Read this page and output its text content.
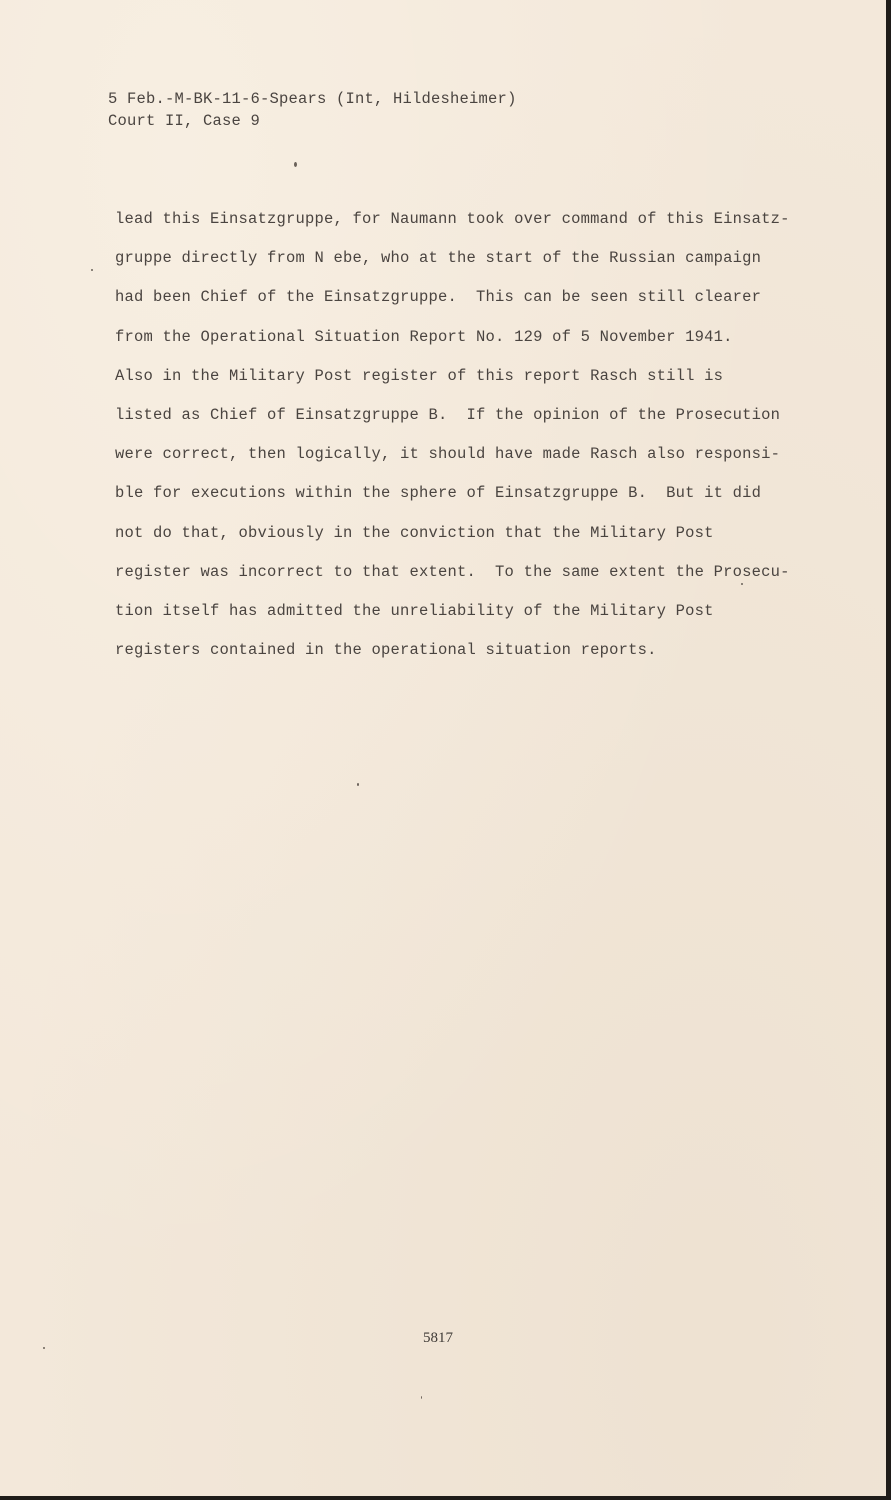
5 Feb.-M-BK-11-6-Spears (Int, Hildesheimer)
Court II, Case 9
lead this Einsatzgruppe, for Naumann took over command of this Einsatz-
gruppe directly from N ebe, who at the start of the Russian campaign
had been Chief of the Einsatzgruppe.  This can be seen still clearer
from the Operational Situation Report No. 129 of 5 November 1941.
Also in the Military Post register of this report Rasch still is
listed as Chief of Einsatzgruppe B.  If the opinion of the Prosecution
were correct, then logically, it should have made Rasch also responsi-
ble for executions within the sphere of Einsatzgruppe B.  But it did
not do that, obviously in the conviction that the Military Post
register was incorrect to that extent.  To the same extent the Prosecu-
tion itself has admitted the unreliability of the Military Post
registers contained in the operational situation reports.
5817
